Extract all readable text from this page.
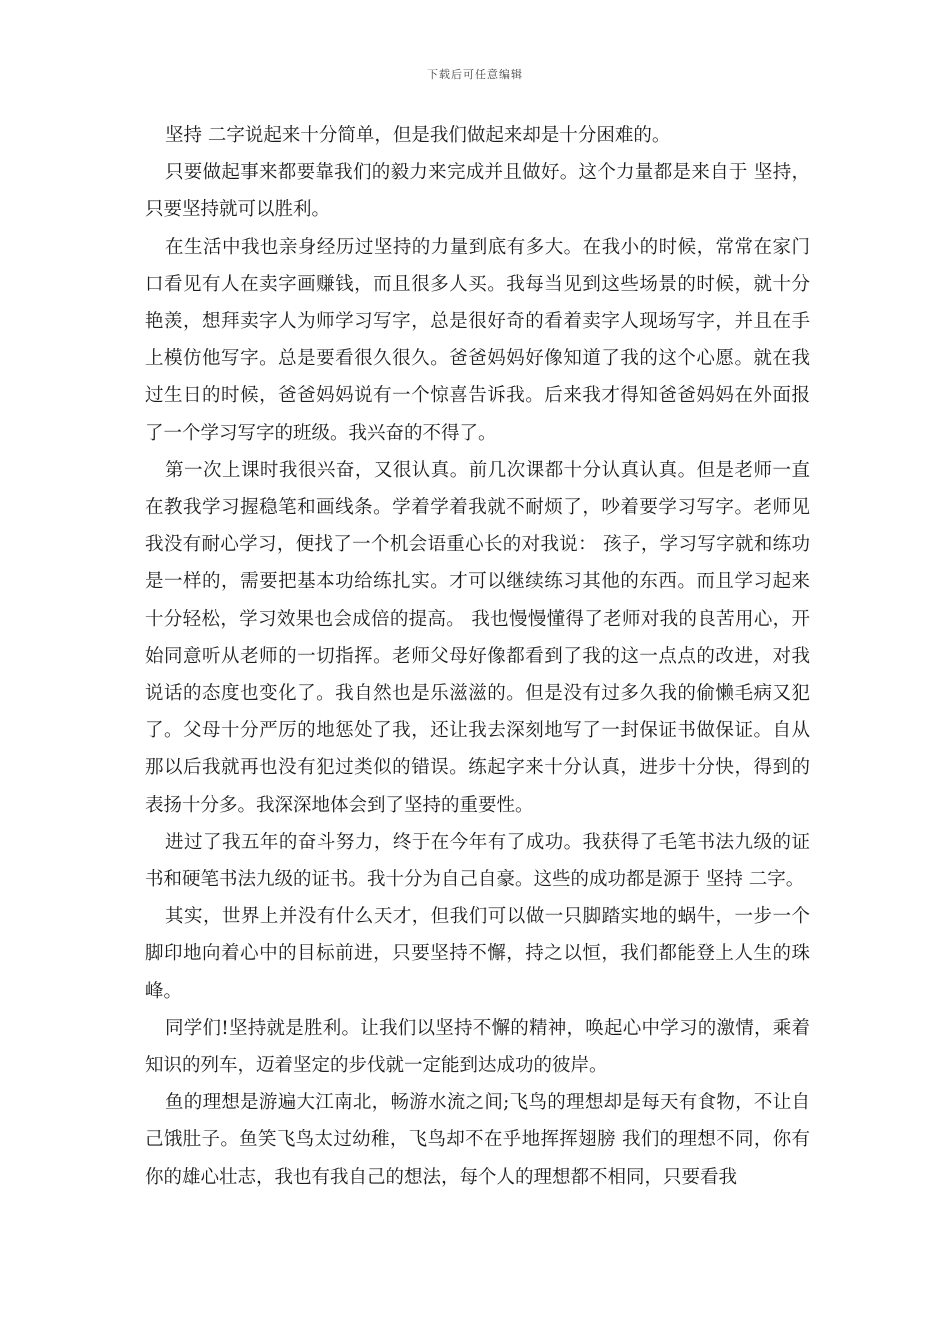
下载后可任意编辑

坚持 二字说起来十分简单，但是我们做起来却是十分困难的。

只要做起事来都要靠我们的毅力来完成并且做好。这个力量都是来自于 坚持，只要坚持就可以胜利。

在生活中我也亲身经历过坚持的力量到底有多大。在我小的时候，常常在家门口看见有人在卖字画赚钱，而且很多人买。我每当见到这些场景的时候，就十分艳羡，想拜卖字人为师学习写字，总是很好奇的看着卖字人现场写字，并且在手上模仿他写字。总是要看很久很久。爸爸妈妈好像知道了我的这个心愿。就在我过生日的时候，爸爸妈妈说有一个惊喜告诉我。后来我才得知爸爸妈妈在外面报了一个学习写字的班级。我兴奋的不得了。

第一次上课时我很兴奋，又很认真。前几次课都十分认真认真。但是老师一直在教我学习握稳笔和画线条。学着学着我就不耐烦了，吵着要学习写字。老师见我没有耐心学习，便找了一个机会语重心长的对我说： 孩子，学习写字就和练功是一样的，需要把基本功给练扎实。才可以继续练习其他的东西。而且学习起来十分轻松，学习效果也会成倍的提高。 我也慢慢懂得了老师对我的良苦用心，开始同意听从老师的一切指挥。老师父母好像都看到了我的这一点点的改进，对我说话的态度也变化了。我自然也是乐滋滋的。但是没有过多久我的偷懒毛病又犯了。父母十分严厉的地惩处了我，还让我去深刻地写了一封保证书做保证。自从那以后我就再也没有犯过类似的错误。练起字来十分认真，进步十分快，得到的表扬十分多。我深深地体会到了坚持的重要性。

进过了我五年的奋斗努力，终于在今年有了成功。我获得了毛笔书法九级的证书和硬笔书法九级的证书。我十分为自己自豪。这些的成功都是源于 坚持 二字。

其实，世界上并没有什么天才，但我们可以做一只脚踏实地的蜗牛，一步一个脚印地向着心中的目标前进，只要坚持不懈，持之以恒，我们都能登上人生的珠峰。

同学们!坚持就是胜利。让我们以坚持不懈的精神，唤起心中学习的激情，乘着知识的列车，迈着坚定的步伐就一定能到达成功的彼岸。

鱼的理想是游遍大江南北，畅游水流之间;飞鸟的理想却是每天有食物，不让自己饿肚子。鱼笑飞鸟太过幼稚，飞鸟却不在乎地挥挥翅膀 我们的理想不同，你有你的雄心壮志，我也有我自己的想法，每个人的理想都不相同，只要看我
